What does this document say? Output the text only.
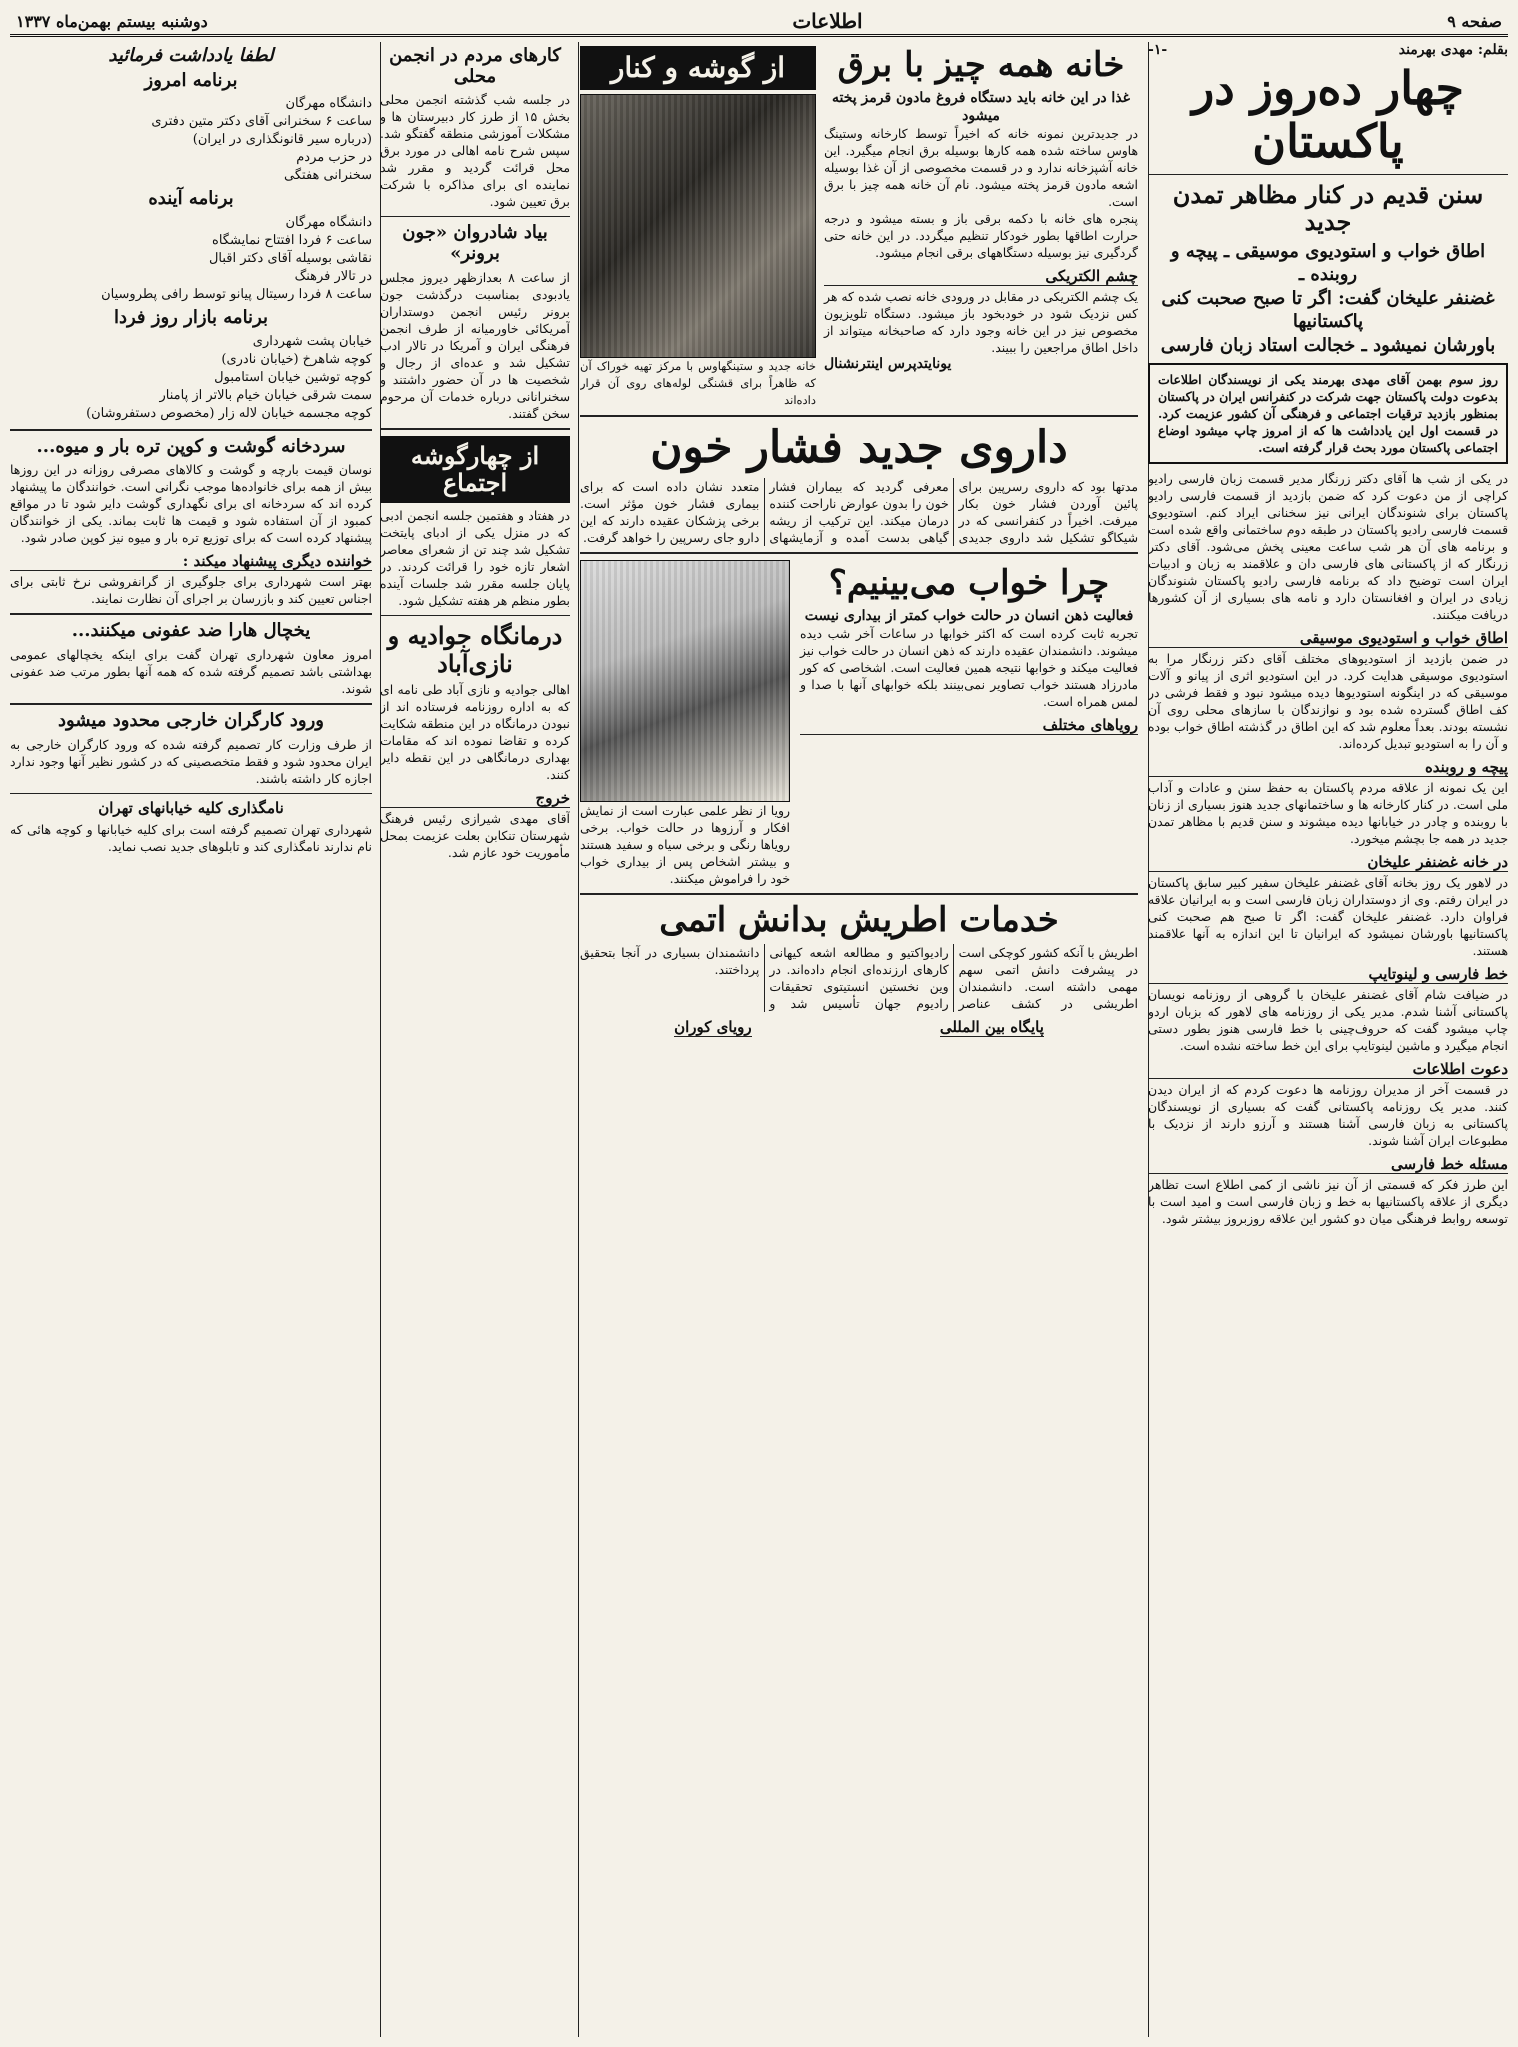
صفحه ۹
اطلاعات
دوشنبه بیستم بهمن‌ماه ۱۳۳۷
بقلم: مهدی بهرمند
-۱-
چهار ده‌روز در پاکستان
سنن قدیم در کنار مظاهر تمدن جدید
اطاق خواب و استودیوی موسیقی ـ پیچه و روبنده ـ
غضنفر علیخان گفت: اگر تا صبح صحبت کنی پاکستانیها
باورشان نمیشود ـ خجالت استاد زبان فارسی
روز سوم بهمن آقای مهدی بهرمند یکی از نویسندگان اطلاعات بدعوت دولت پاکستان جهت شرکت در کنفرانس ایران در پاکستان بمنظور بازدید ترقیات اجتماعی و فرهنگی آن کشور عزیمت کرد. در قسمت اول این یادداشت ها که از امروز چاپ میشود اوضاع اجتماعی پاکستان مورد بحث قرار گرفته است.
در یکی از شب ها آقای دکتر زرنگار مدیر قسمت زبان فارسی رادیو کراچی از من دعوت کرد که ضمن بازدید از قسمت فارسی رادیو پاکستان برای شنوندگان ایرانی نیز سخنانی ایراد کنم. استودیوی قسمت فارسی رادیو پاکستان در طبقه دوم ساختمانی واقع شده است و برنامه های آن هر شب ساعت معینی پخش می‌شود. آقای دکتر زرنگار که از پاکستانی های فارسی دان و علاقمند به زبان و ادبیات ایران است توضیح داد که برنامه فارسی رادیو پاکستان شنوندگان زیادی در ایران و افغانستان دارد و نامه های بسیاری از آن کشورها دریافت میکنند.
اطاق خواب و استودیوی موسیقی
در ضمن بازدید از استودیوهای مختلف آقای دکتر زرنگار مرا به استودیوی موسیقی هدایت کرد. در این استودیو اثری از پیانو و آلات موسیقی که در اینگونه استودیوها دیده میشود نبود و فقط فرشی در کف اطاق گسترده شده بود و نوازندگان با سازهای محلی روی آن نشسته بودند. بعداً معلوم شد که این اطاق در گذشته اطاق خواب بوده و آن را به استودیو تبدیل کرده‌اند.
پیچه و روبنده
این یک نمونه از علاقه مردم پاکستان به حفظ سنن و عادات و آداب ملی است. در کنار کارخانه ها و ساختمانهای جدید هنوز بسیاری از زنان با روبنده و چادر در خیابانها دیده میشوند و سنن قدیم با مظاهر تمدن جدید در همه جا بچشم میخورد.
در خانه غضنفر علیخان
در لاهور یک روز بخانه آقای غضنفر علیخان سفیر کبیر سابق پاکستان در ایران رفتم. وی از دوستداران زبان فارسی است و به ایرانیان علاقه فراوان دارد. غضنفر علیخان گفت: اگر تا صبح هم صحبت کنی پاکستانیها باورشان نمیشود که ایرانیان تا این اندازه به آنها علاقمند هستند.
خط فارسی و لینوتایپ
در ضیافت شام آقای غضنفر علیخان با گروهی از روزنامه نویسان پاکستانی آشنا شدم. مدیر یکی از روزنامه های لاهور که بزبان اردو چاپ میشود گفت که حروف‌چینی با خط فارسی هنوز بطور دستی انجام میگیرد و ماشین لینوتایپ برای این خط ساخته نشده است.
دعوت اطلاعات
در قسمت آخر از مدیران روزنامه ها دعوت کردم که از ایران دیدن کنند. مدیر یک روزنامه پاکستانی گفت که بسیاری از نویسندگان پاکستانی به زبان فارسی آشنا هستند و آرزو دارند از نزدیک با مطبوعات ایران آشنا شوند.
مسئله خط فارسی
این طرز فکر که قسمتی از آن نیز ناشی از کمی اطلاع است تظاهر دیگری از علاقه پاکستانیها به خط و زبان فارسی است و امید است با توسعه روابط فرهنگی میان دو کشور این علاقه روزبروز بیشتر شود.
از گوشه و کنار
خانه جدید و ستینگهاوس با مرکز تهیه خوراک آن که ظاهراً برای قشنگی لوله‌های روی آن قرار داده‌اند
خانه همه چیز با برق
غذا در این خانه باید دستگاه فروغ مادون قرمز پخته میشود
در جدیدترین نمونه خانه که اخیراً توسط کارخانه وستینگ هاوس ساخته شده همه کارها بوسیله برق انجام میگیرد. این خانه آشپزخانه ندارد و در قسمت مخصوصی از آن غذا بوسیله اشعه مادون قرمز پخته میشود. نام آن خانه همه چیز با برق است.
پنجره های خانه با دکمه برقی باز و بسته میشود و درجه حرارت اطاقها بطور خودکار تنظیم میگردد. در این خانه حتی گردگیری نیز بوسیله دستگاههای برقی انجام میشود.
چشم الکتریکی
یک چشم الکتریکی در مقابل در ورودی خانه نصب شده که هر کس نزدیک شود در خودبخود باز میشود. دستگاه تلویزیون مخصوص نیز در این خانه وجود دارد که صاحبخانه میتواند از داخل اطاق مراجعین را ببیند.
یونایتدپرس اینترنشنال
داروی جدید فشار خون
مدتها بود که داروی رسرپین برای پائین آوردن فشار خون بکار میرفت. اخیراً در کنفرانسی که در شیکاگو تشکیل شد داروی جدیدی معرفی گردید که بیماران فشار خون را بدون عوارض ناراحت کننده درمان میکند. این ترکیب از ریشه گیاهی بدست آمده و آزمایشهای متعدد نشان داده است که برای بیماری فشار خون مؤثر است. برخی پزشکان عقیده دارند که این دارو جای رسرپین را خواهد گرفت.
رویا از نظر علمی عبارت است از نمایش افکار و آرزوها در حالت خواب. برخی رویاها رنگی و برخی سیاه و سفید هستند و بیشتر اشخاص پس از بیداری خواب خود را فراموش میکنند.
چرا خواب می‌بینیم؟
فعالیت ذهن انسان در حالت خواب کمتر از بیداری نیست
تجربه ثابت کرده است که اکثر خوابها در ساعات آخر شب دیده میشوند. دانشمندان عقیده دارند که ذهن انسان در حالت خواب نیز فعالیت میکند و خوابها نتیجه همین فعالیت است. اشخاصی که کور مادرزاد هستند خواب تصاویر نمی‌بینند بلکه خوابهای آنها با صدا و لمس همراه است.
رویاهای مختلف
خدمات اطریش بدانش اتمی
اطریش با آنکه کشور کوچکی است در پیشرفت دانش اتمی سهم مهمی داشته است. دانشمندان اطریشی در کشف عناصر رادیواکتیو و مطالعه اشعه کیهانی کارهای ارزنده‌ای انجام داده‌اند. در وین نخستین انستیتوی تحقیقات رادیوم جهان تأسیس شد و دانشمندان بسیاری در آنجا بتحقیق پرداختند.
پایگاه بین المللی
رویای کوران
کارهای مردم در انجمن محلی
در جلسه شب گذشته انجمن محلی بخش ۱۵ از طرز کار دبیرستان ها و مشکلات آموزشی منطقه گفتگو شد. سپس شرح نامه اهالی در مورد برق محل قرائت گردید و مقرر شد نماینده ای برای مذاکره با شرکت برق تعیین شود.
بیاد شادروان «جون برونر»
از ساعت ۸ بعدازظهر دیروز مجلس یادبودی بمناسبت درگذشت جون برونر رئیس انجمن دوستداران آمریکائی خاورمیانه از طرف انجمن فرهنگی ایران و آمریکا در تالار ادب تشکیل شد و عده‌ای از رجال و شخصیت ها در آن حضور داشتند و سخنرانانی درباره خدمات آن مرحوم سخن گفتند.
از چهارگوشه اجتماع
در هفتاد و هفتمین جلسه انجمن ادبی که در منزل یکی از ادبای پایتخت تشکیل شد چند تن از شعرای معاصر اشعار تازه خود را قرائت کردند. در پایان جلسه مقرر شد جلسات آینده بطور منظم هر هفته تشکیل شود.
درمانگاه جوادیه و نازی‌آباد
اهالی جوادیه و نازی آباد طی نامه ای که به اداره روزنامه فرستاده اند از نبودن درمانگاه در این منطقه شکایت کرده و تقاضا نموده اند که مقامات بهداری درمانگاهی در این نقطه دایر کنند.
خروج
آقای مهدی شیرازی رئیس فرهنگ شهرستان تنکابن بعلت عزیمت بمحل مأموریت خود عازم شد.
لطفا یادداشت فرمائید
برنامه امروز
دانشگاه مهرگان
ساعت ۶ سخنرانی آقای دکتر متین دفتری
(درباره سیر قانونگذاری در ایران)
در حزب مردم
سخنرانی هفتگی
برنامه آینده
دانشگاه مهرگان
ساعت ۶ فردا افتتاح نمایشگاه
نقاشی بوسیله آقای دکتر اقبال
در تالار فرهنگ
ساعت ۸ فردا رسیتال پیانو توسط رافی پطروسیان
برنامه بازار روز فردا
خیابان پشت شهرداری
کوچه شاهرخ (خیابان نادری)
کوچه توشین خیابان استامبول
سمت شرقی خیابان خیام بالاتر از پامنار
کوچه مجسمه خیابان لاله زار (مخصوص دستفروشان)
سردخانه گوشت و کوپن تره بار و میوه...
نوسان قیمت بارچه و گوشت و کالاهای مصرفی روزانه در این روزها بیش از همه برای خانواده‌ها موجب نگرانی است. خوانندگان ما پیشنهاد کرده اند که سردخانه ای برای نگهداری گوشت دایر شود تا در مواقع کمبود از آن استفاده شود و قیمت ها ثابت بماند. یکی از خوانندگان پیشنهاد کرده است که برای توزیع تره بار و میوه نیز کوپن صادر شود.
خواننده دیگری پیشنهاد میکند :
بهتر است شهرداری برای جلوگیری از گرانفروشی نرخ ثابتی برای اجناس تعیین کند و بازرسان بر اجرای آن نظارت نمایند.
یخچال هارا ضد عفونی میکنند...
امروز معاون شهرداری تهران گفت برای اینکه یخچالهای عمومی بهداشتی باشد تصمیم گرفته شده که همه آنها بطور مرتب ضد عفونی شوند.
ورود کارگران خارجی محدود میشود
از طرف وزارت کار تصمیم گرفته شده که ورود کارگران خارجی به ایران محدود شود و فقط متخصصینی که در کشور نظیر آنها وجود ندارد اجازه کار داشته باشند.
نامگذاری کلیه خیابانهای تهران
شهرداری تهران تصمیم گرفته است برای کلیه خیابانها و کوچه هائی که نام ندارند نامگذاری کند و تابلوهای جدید نصب نماید.
